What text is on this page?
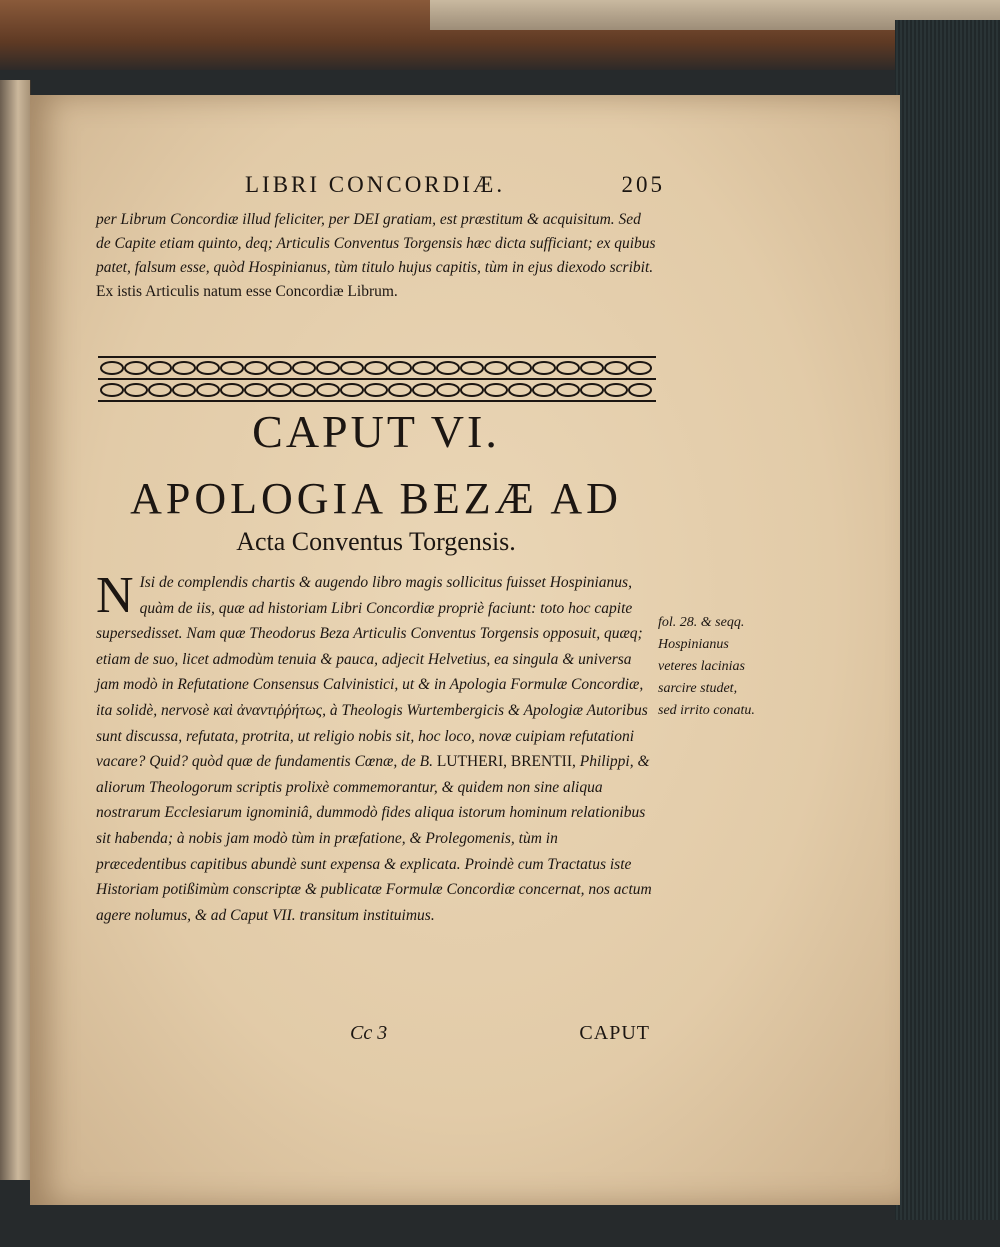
LIBRI CONCORDIÆ.	205
per Librum Concordiæ illud feliciter, per DEI gratiam, est præstitum & acquisitum. Sed de Capite etiam quinto, deq; Articulis Conventus Torgensis hæc dicta sufficiant; ex quibus patet, falsum esse, quòd Hospinianus, tùm titulo hujus capitis, tùm in ejus diexodo scribit. Ex istis Articulis natum esse Concordiæ Librum.
CAPUT VI.
APOLOGIA BEZÆ AD
Acta Conventus Torgensis.
N Isi de complendis chartis & augendo libro magis sollicitus fuisset Hospinianus, quàm de iis, quæ ad historiam Libri Concordiæ propriè faciunt: toto hoc capite supersedisset. Nam quæ Theodorus Beza Articulis Conventus Torgensis opposuit, quæq; etiam de suo, licet admodùm tenuia & pauca, adjecit Helvetius, ea singula & universa jam modò in Refutatione Consensus Calvinistici, ut & in Apologia Formulæ Concordiæ, ita solidè, nervosè καὶ ἀναντιῤῥήτως, à Theologis Wurtembergicis & Apologiæ Autoribus sunt discussa, refutata, protrita, ut religio nobis sit, hoc loco, novæ cuipiam refutationi vacare? Quid? quòd quæ de fundamentis Cœnæ, de B. LUTHERI, BRENTII, Philippi, & aliorum Theologorum scriptis prolixè commemorantur, & quidem non sine aliqua nostrarum Ecclesiarum ignominiâ, dummodò fides aliqua istorum hominum relationibus sit habenda; à nobis jam modò tùm in præfatione, & Prolegomenis, tùm in præcedentibus capitibus abundè sunt expensa & explicata. Proindè cum Tractatus iste Historiam potißimùm conscriptæ & publicatæ Formulæ Concordiæ concernat, nos actum agere nolumus, & ad Caput VII. transitum instituimus.
fol. 28. & seqq. Hospinianus veteres lacinias sarcire studet, sed irrito conatu.
Cc 3	CAPUT
